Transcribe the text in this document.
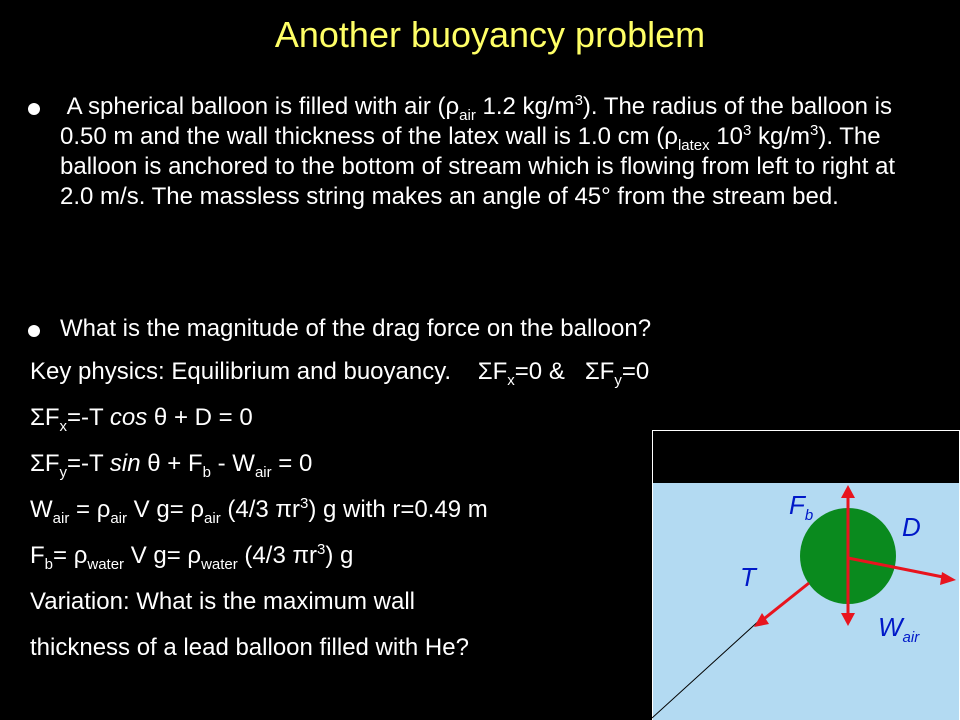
Another buoyancy problem
A spherical balloon is filled with air ($\rho_{air}$ 1.2 $kg/m^3$). The radius of the balloon is 0.50 m and the wall thickness of the latex wall is 1.0 cm ($\rho_{latex}$ $10^3$ $kg/m^3$). The balloon is anchored to the bottom of stream which is flowing from left to right at 2.0 m/s. The massless string makes an angle of 45° from the stream bed.
What is the magnitude of the drag force on the balloon?
Key physics: Equilibrium and buoyancy. $\Sigma F_x=0$ & $\Sigma F_y=0$
$\Sigma F_x=-T$ cos θ + D = 0
$\Sigma F_y=-T$ $\sin \theta + F_b - W_{air} = 0$
$W_{air} = \rho_{air}$ V $g= \rho_{air}$ (4/3 $\pi r^3$) g with r=0.49 m
$F_b= \rho_{water}$ V $g= \rho_{water}$ (4/3 $\pi r^3$) g
Variation: What is the maximum wall
thickness of a lead balloon filled with He?
$F_b$	D
T
$W_{air}$
